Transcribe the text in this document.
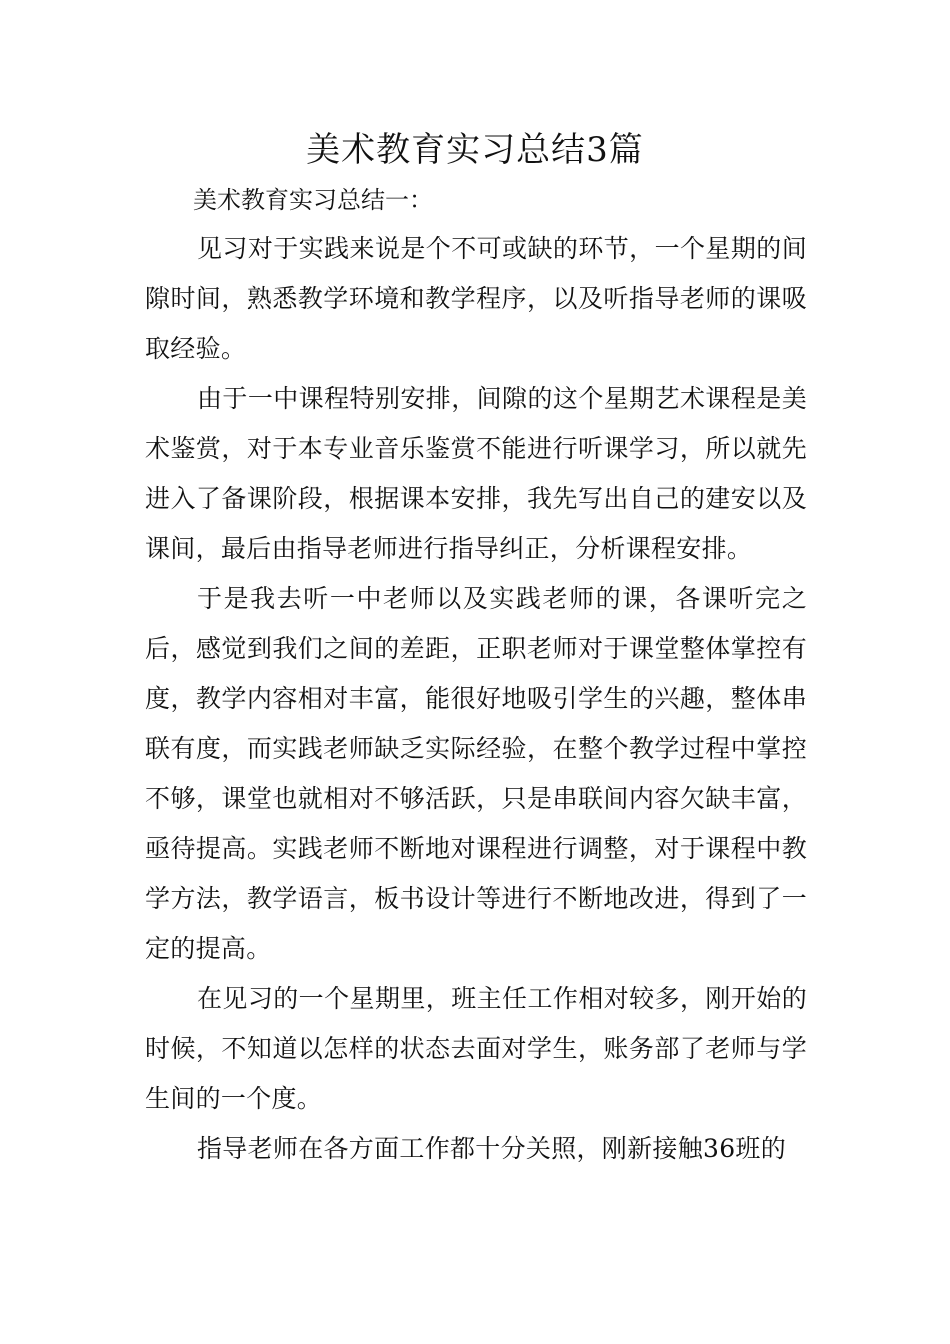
美术教育实习总结3篇

美术教育实习总结一：

见习对于实践来说是个不可或缺的环节，一个星期的间隙时间，熟悉教学环境和教学程序，以及听指导老师的课吸取经验。

由于一中课程特别安排，间隙的这个星期艺术课程是美术鉴赏，对于本专业音乐鉴赏不能进行听课学习，所以就先进入了备课阶段，根据课本安排，我先写出自己的建安以及课间，最后由指导老师进行指导纠正，分析课程安排。

于是我去听一中老师以及实践老师的课，各课听完之后，感觉到我们之间的差距，正职老师对于课堂整体掌控有度，教学内容相对丰富，能很好地吸引学生的兴趣，整体串联有度，而实践老师缺乏实际经验，在整个教学过程中掌控不够，课堂也就相对不够活跃，只是串联间内容欠缺丰富，亟待提高。实践老师不断地对课程进行调整，对于课程中教学方法，教学语言，板书设计等进行不断地改进，得到了一定的提高。

在见习的一个星期里，班主任工作相对较多，刚开始的时候，不知道以怎样的状态去面对学生，账务部了老师与学生间的一个度。

指导老师在各方面工作都十分关照，刚新接触36班的
